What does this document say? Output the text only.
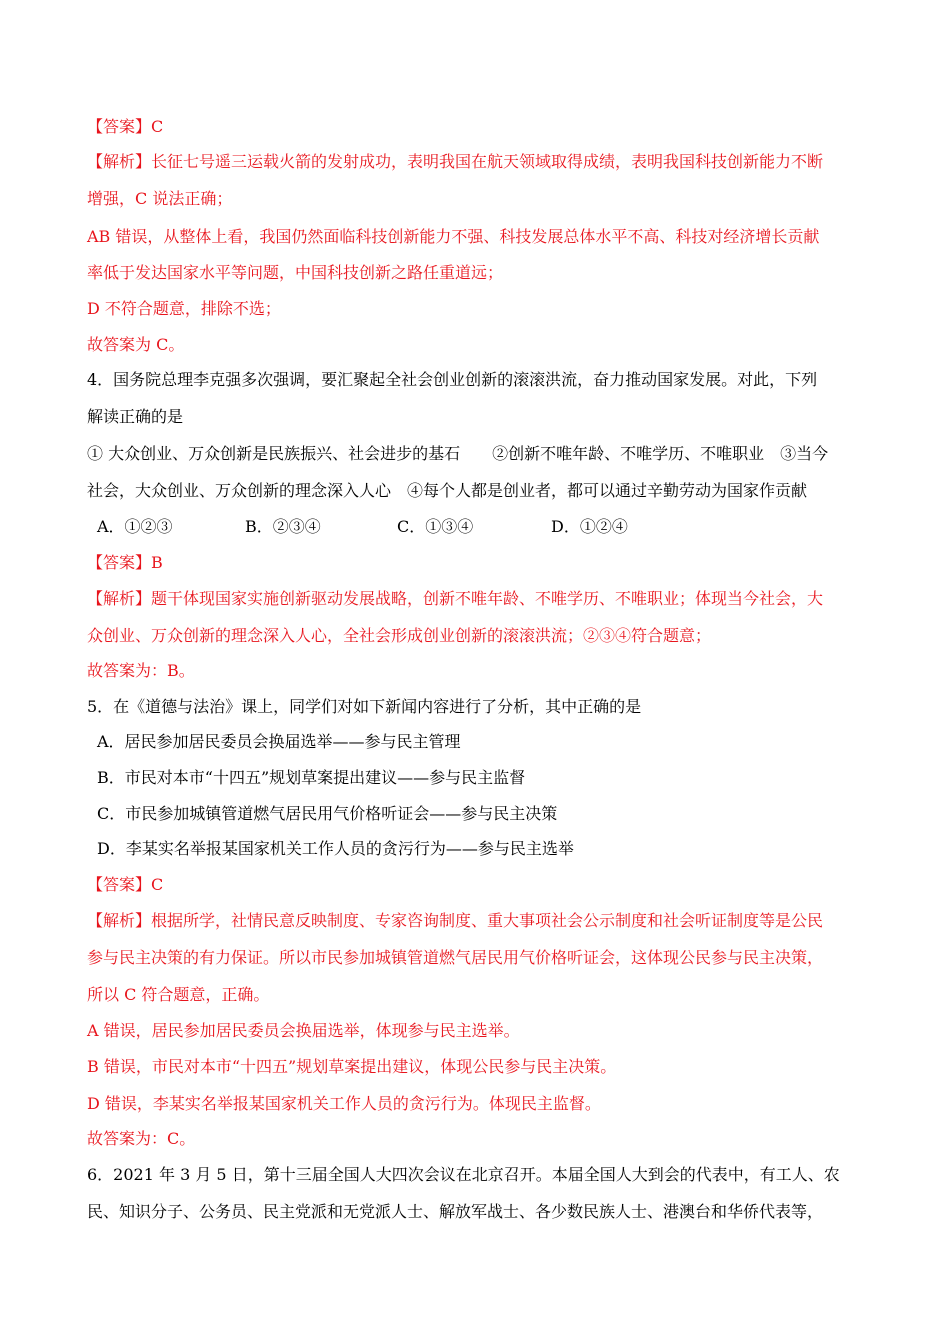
【答案】C
【解析】长征七号遥三运载火箭的发射成功，表明我国在航天领域取得成绩，表明我国科技创新能力不断
增强，C 说法正确；
AB 错误，从整体上看，我国仍然面临科技创新能力不强、科技发展总体水平不高、科技对经济增长贡献
率低于发达国家水平等问题，中国科技创新之路任重道远；
D 不符合题意，排除不选；
故答案为 C。
4．国务院总理李克强多次强调，要汇聚起全社会创业创新的滚滚洪流，奋力推动国家发展。对此，下列
解读正确的是
① 大众创业、万众创新是民族振兴、社会进步的基石　　②创新不唯年龄、不唯学历、不唯职业　③当今
社会，大众创业、万众创新的理念深入人心　④每个人都是创业者，都可以通过辛勤劳动为国家作贡献
A．①②③	B．②③④	C．①③④	D．①②④
【答案】B
【解析】题干体现国家实施创新驱动发展战略，创新不唯年龄、不唯学历、不唯职业；体现当今社会，大
众创业、万众创新的理念深入人心，全社会形成创业创新的滚滚洪流；②③④符合题意；
故答案为：B。
5．在《道德与法治》课上，同学们对如下新闻内容进行了分析，其中正确的是
A．居民参加居民委员会换届选举——参与民主管理
B．市民对本市“十四五”规划草案提出建议——参与民主监督
C．市民参加城镇管道燃气居民用气价格听证会——参与民主决策
D．李某实名举报某国家机关工作人员的贪污行为——参与民主选举
【答案】C
【解析】根据所学，社情民意反映制度、专家咨询制度、重大事项社会公示制度和社会听证制度等是公民
参与民主决策的有力保证。所以市民参加城镇管道燃气居民用气价格听证会，这体现公民参与民主决策，
所以 C 符合题意，正确。
A 错误，居民参加居民委员会换届选举，体现参与民主选举。
B 错误，市民对本市“十四五”规划草案提出建议，体现公民参与民主决策。
D 错误，李某实名举报某国家机关工作人员的贪污行为。体现民主监督。
故答案为：C。
6．2021 年 3 月 5 日，第十三届全国人大四次会议在北京召开。本届全国人大到会的代表中，有工人、农
民、知识分子、公务员、民主党派和无党派人士、解放军战士、各少数民族人士、港澳台和华侨代表等，
